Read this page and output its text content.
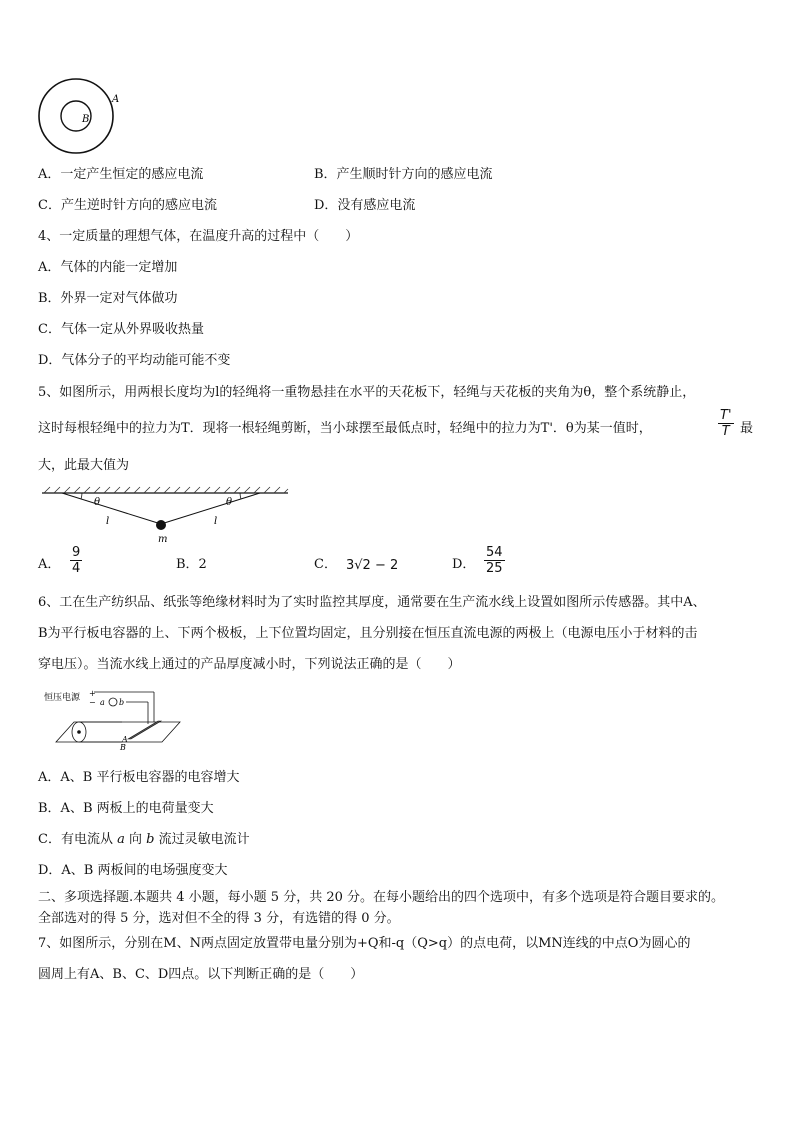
A
B
A．一定产生恒定的感应电流	B．产生顺时针方向的感应电流
C．产生逆时针方向的感应电流	D．没有感应电流
4、一定质量的理想气体，在温度升高的过程中（　　）
A．气体的内能一定增加
B．外界一定对气体做功
C．气体一定从外界吸收热量
D．气体分子的平均动能可能不变
5、如图所示，用两根长度均为l的轻绳将一重物悬挂在水平的天花板下，轻绳与天花板的夹角为θ，整个系统静止，
这时每根轻绳中的拉力为T．现将一根轻绳剪断，当小球摆至最低点时，轻绳中的拉力为T'．θ为某一值时，	$\frac{T'}{T}$ 最
大，此最大值为
θ	θ
l	l
m
A． $\frac{9}{4}$	B．2	C． 3√2 − 2	D． $\frac{54}{25}$
6、工在生产纺织品、纸张等绝缘材料时为了实时监控其厚度，通常要在生产流水线上设置如图所示传感器。其中A、
B为平行板电容器的上、下两个极板，上下位置均固定，且分别接在恒压直流电源的两极上（电源电压小于材料的击
穿电压）。当流水线上通过的产品厚度减小时，下列说法正确的是（　　）
恒压电源 +
− a b
A
B
A．A、B 平行板电容器的电容增大
B．A、B 两板上的电荷量变大
C．有电流从 a 向 b 流过灵敏电流计
D．A、B 两板间的电场强度变大
二、多项选择题.本题共 4 小题，每小题 5 分，共 20 分。在每小题给出的四个选项中，有多个选项是符合题目要求的。
全部选对的得 5 分，选对但不全的得 3 分，有选错的得 0 分。
7、如图所示，分别在M、N两点固定放置带电量分别为+Q和-q（Q>q）的点电荷，以MN连线的中点O为圆心的
圆周上有A、B、C、D四点。以下判断正确的是（　　）
